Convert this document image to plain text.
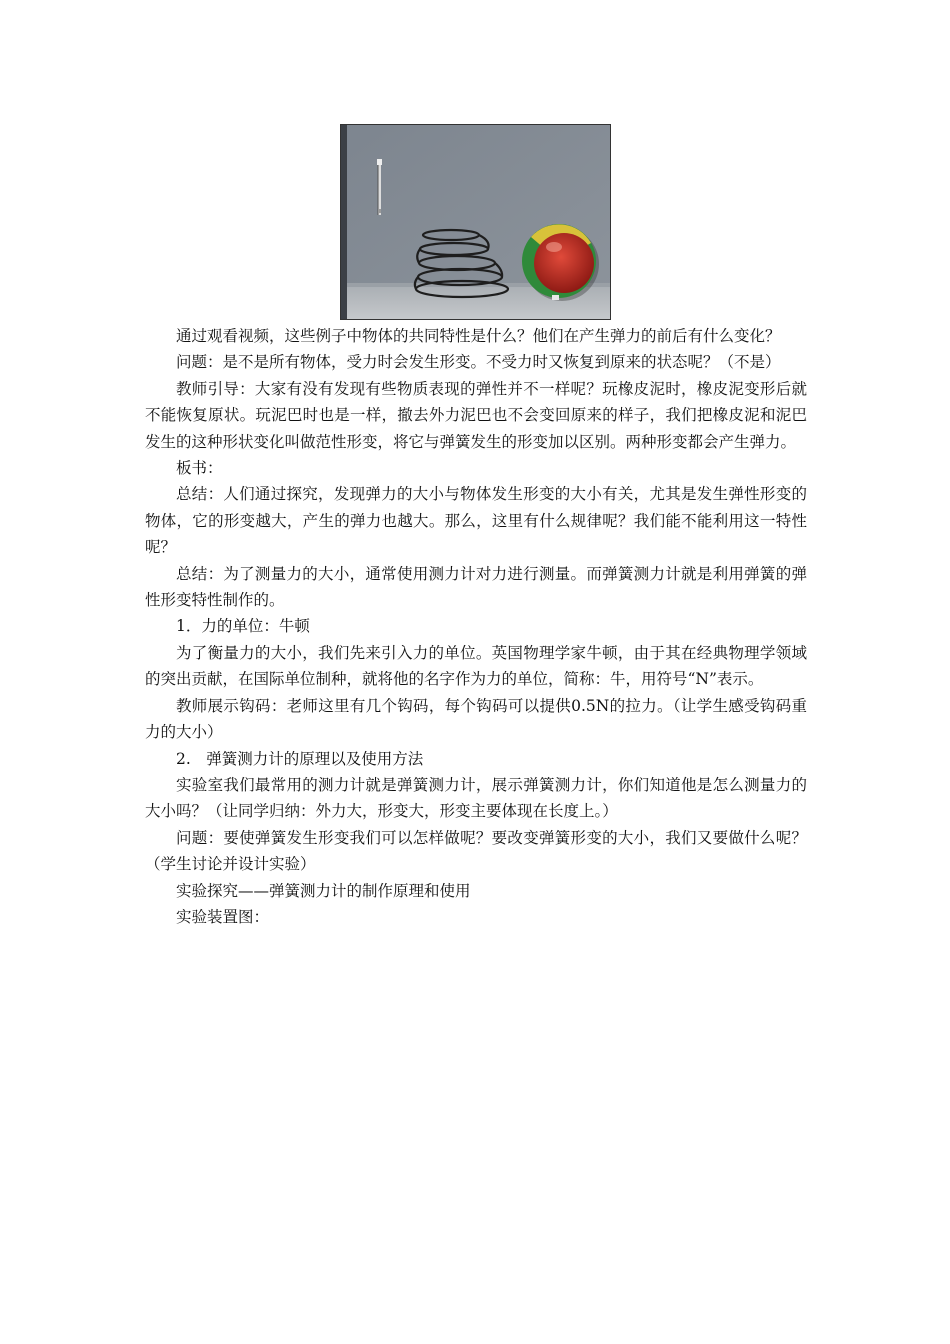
通过观看视频，这些例子中物体的共同特性是什么？他们在产生弹力的前后有什么变化？

问题：是不是所有物体，受力时会发生形变。不受力时又恢复到原来的状态呢？（不是）

教师引导：大家有没有发现有些物质表现的弹性并不一样呢？玩橡皮泥时，橡皮泥变形后就不能恢复原状。玩泥巴时也是一样，撤去外力泥巴也不会变回原来的样子，我们把橡皮泥和泥巴发生的这种形状变化叫做范性形变，将它与弹簧发生的形变加以区别。两种形变都会产生弹力。

板书：

总结：人们通过探究，发现弹力的大小与物体发生形变的大小有关，尤其是发生弹性形变的物体，它的形变越大，产生的弹力也越大。那么，这里有什么规律呢？我们能不能利用这一特性呢？

总结：为了测量力的大小，通常使用测力计对力进行测量。而弹簧测力计就是利用弹簧的弹性形变特性制作的。

1．力的单位：牛顿

为了衡量力的大小，我们先来引入力的单位。英国物理学家牛顿，由于其在经典物理学领域的突出贡献，在国际单位制种，就将他的名字作为力的单位，简称：牛，用符号“N”表示。

教师展示钩码：老师这里有几个钩码，每个钩码可以提供0.5N的拉力。（让学生感受钩码重力的大小）

2.　弹簧测力计的原理以及使用方法

实验室我们最常用的测力计就是弹簧测力计，展示弹簧测力计，你们知道他是怎么测量力的大小吗？（让同学归纳：外力大，形变大，形变主要体现在长度上。）

问题：要使弹簧发生形变我们可以怎样做呢？要改变弹簧形变的大小，我们又要做什么呢？（学生讨论并设计实验）

实验探究——弹簧测力计的制作原理和使用

实验装置图：
